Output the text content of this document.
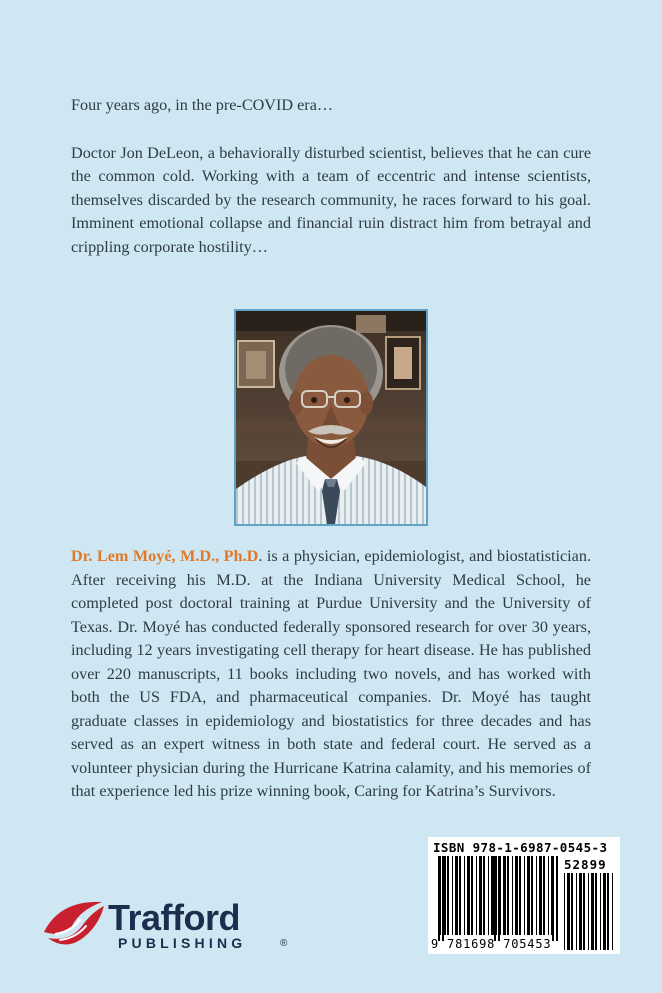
Four years ago, in the pre-COVID era…

Doctor Jon DeLeon, a behaviorally disturbed scientist, believes that he can cure the common cold. Working with a team of eccentric and intense scientists, themselves discarded by the research community, he races forward to his goal. Imminent emotional collapse and financial ruin distract him from betrayal and crippling corporate hostility…

Dr. Lem Moyé, M.D., Ph.D. is a physician, epidemiologist, and biostatistician. After receiving his M.D. at the Indiana University Medical School, he completed post doctoral training at Purdue University and the University of Texas. Dr. Moyé has conducted federally sponsored research for over 30 years, including 12 years investigating cell therapy for heart disease. He has published over 220 manuscripts, 11 books including two novels, and has worked with both the US FDA, and pharmaceutical companies. Dr. Moyé has taught graduate classes in epidemiology and biostatistics for three decades and has served as an expert witness in both state and federal court. He served as a volunteer physician during the Hurricane Katrina calamity, and his memories of that experience led his prize winning book, Caring for Katrina’s Survivors.

Trafford
PUBLISHING	®
ISBN 978-1-6987-0545-3
52899
9 781698 705453
